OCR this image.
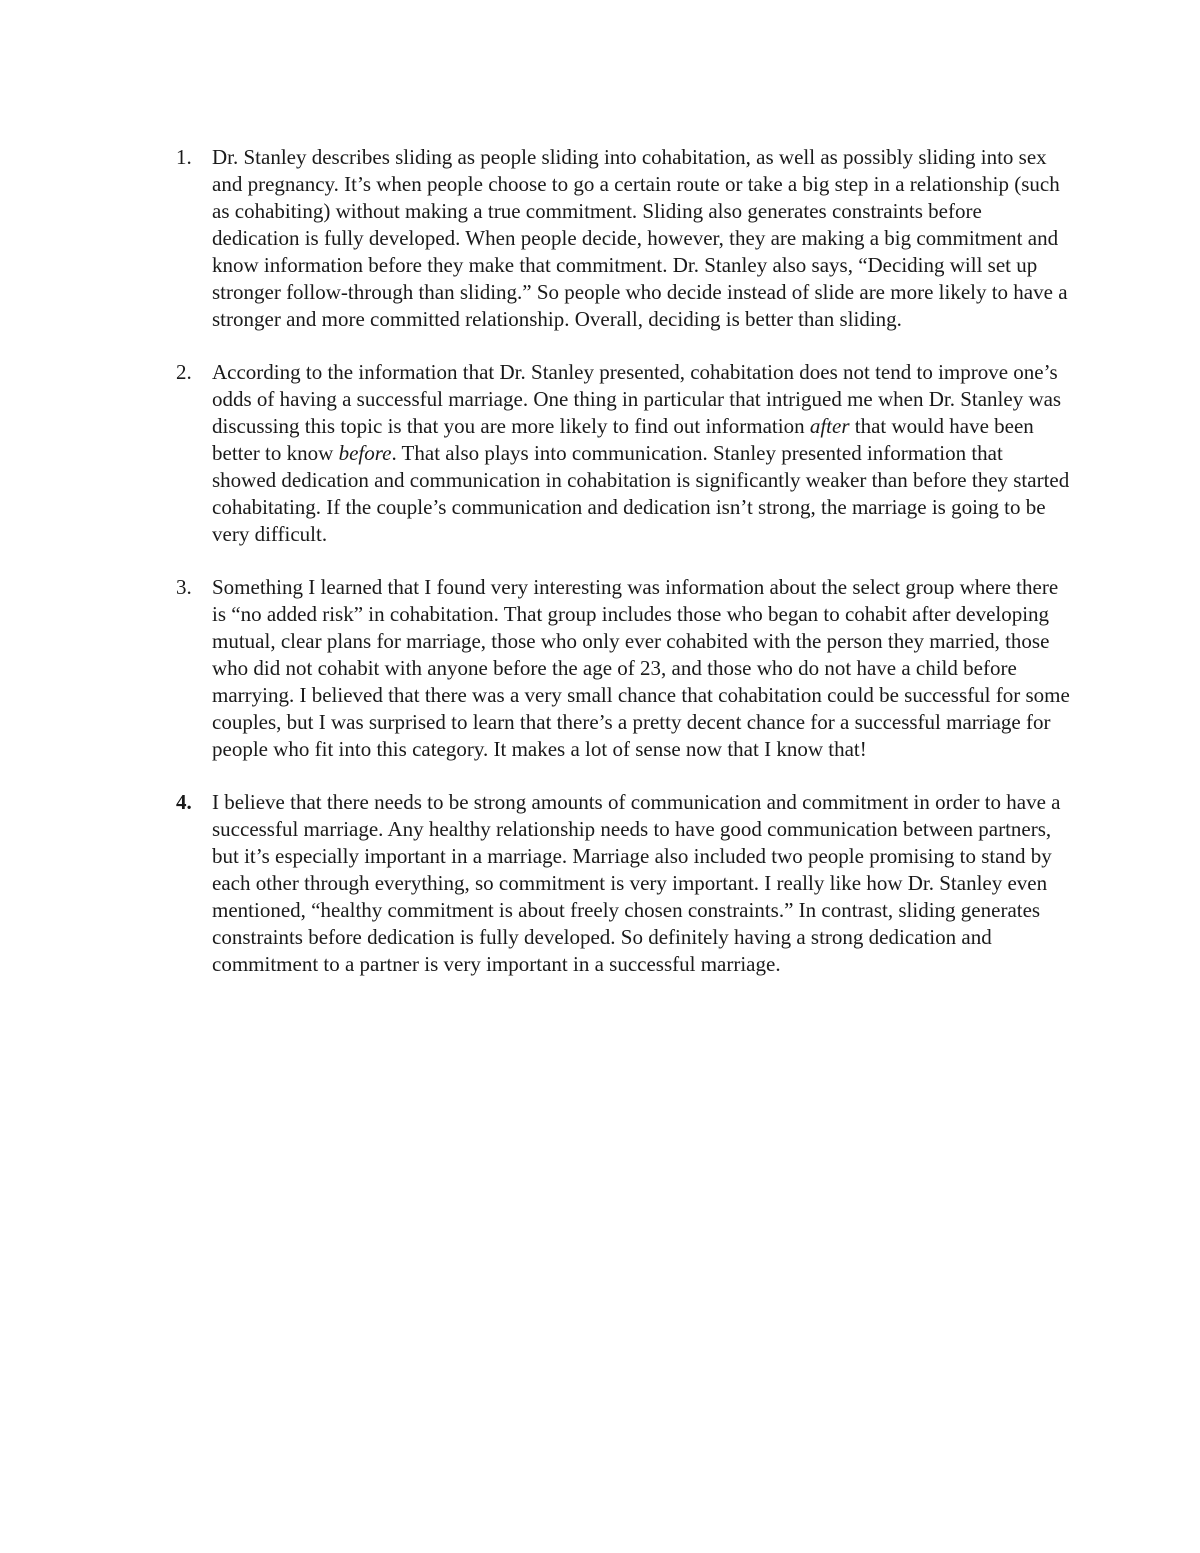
1. Dr. Stanley describes sliding as people sliding into cohabitation, as well as possibly sliding into sex and pregnancy. It’s when people choose to go a certain route or take a big step in a relationship (such as cohabiting) without making a true commitment. Sliding also generates constraints before dedication is fully developed. When people decide, however, they are making a big commitment and know information before they make that commitment. Dr. Stanley also says, “Deciding will set up stronger follow-through than sliding.” So people who decide instead of slide are more likely to have a stronger and more committed relationship. Overall, deciding is better than sliding.
2. According to the information that Dr. Stanley presented, cohabitation does not tend to improve one’s odds of having a successful marriage. One thing in particular that intrigued me when Dr. Stanley was discussing this topic is that you are more likely to find out information after that would have been better to know before. That also plays into communication. Stanley presented information that showed dedication and communication in cohabitation is significantly weaker than before they started cohabitating. If the couple’s communication and dedication isn’t strong, the marriage is going to be very difficult.
3. Something I learned that I found very interesting was information about the select group where there is “no added risk” in cohabitation. That group includes those who began to cohabit after developing mutual, clear plans for marriage, those who only ever cohabited with the person they married, those who did not cohabit with anyone before the age of 23, and those who do not have a child before marrying. I believed that there was a very small chance that cohabitation could be successful for some couples, but I was surprised to learn that there’s a pretty decent chance for a successful marriage for people who fit into this category. It makes a lot of sense now that I know that!
4. I believe that there needs to be strong amounts of communication and commitment in order to have a successful marriage. Any healthy relationship needs to have good communication between partners, but it’s especially important in a marriage. Marriage also included two people promising to stand by each other through everything, so commitment is very important. I really like how Dr. Stanley even mentioned, “healthy commitment is about freely chosen constraints.” In contrast, sliding generates constraints before dedication is fully developed. So definitely having a strong dedication and commitment to a partner is very important in a successful marriage.
